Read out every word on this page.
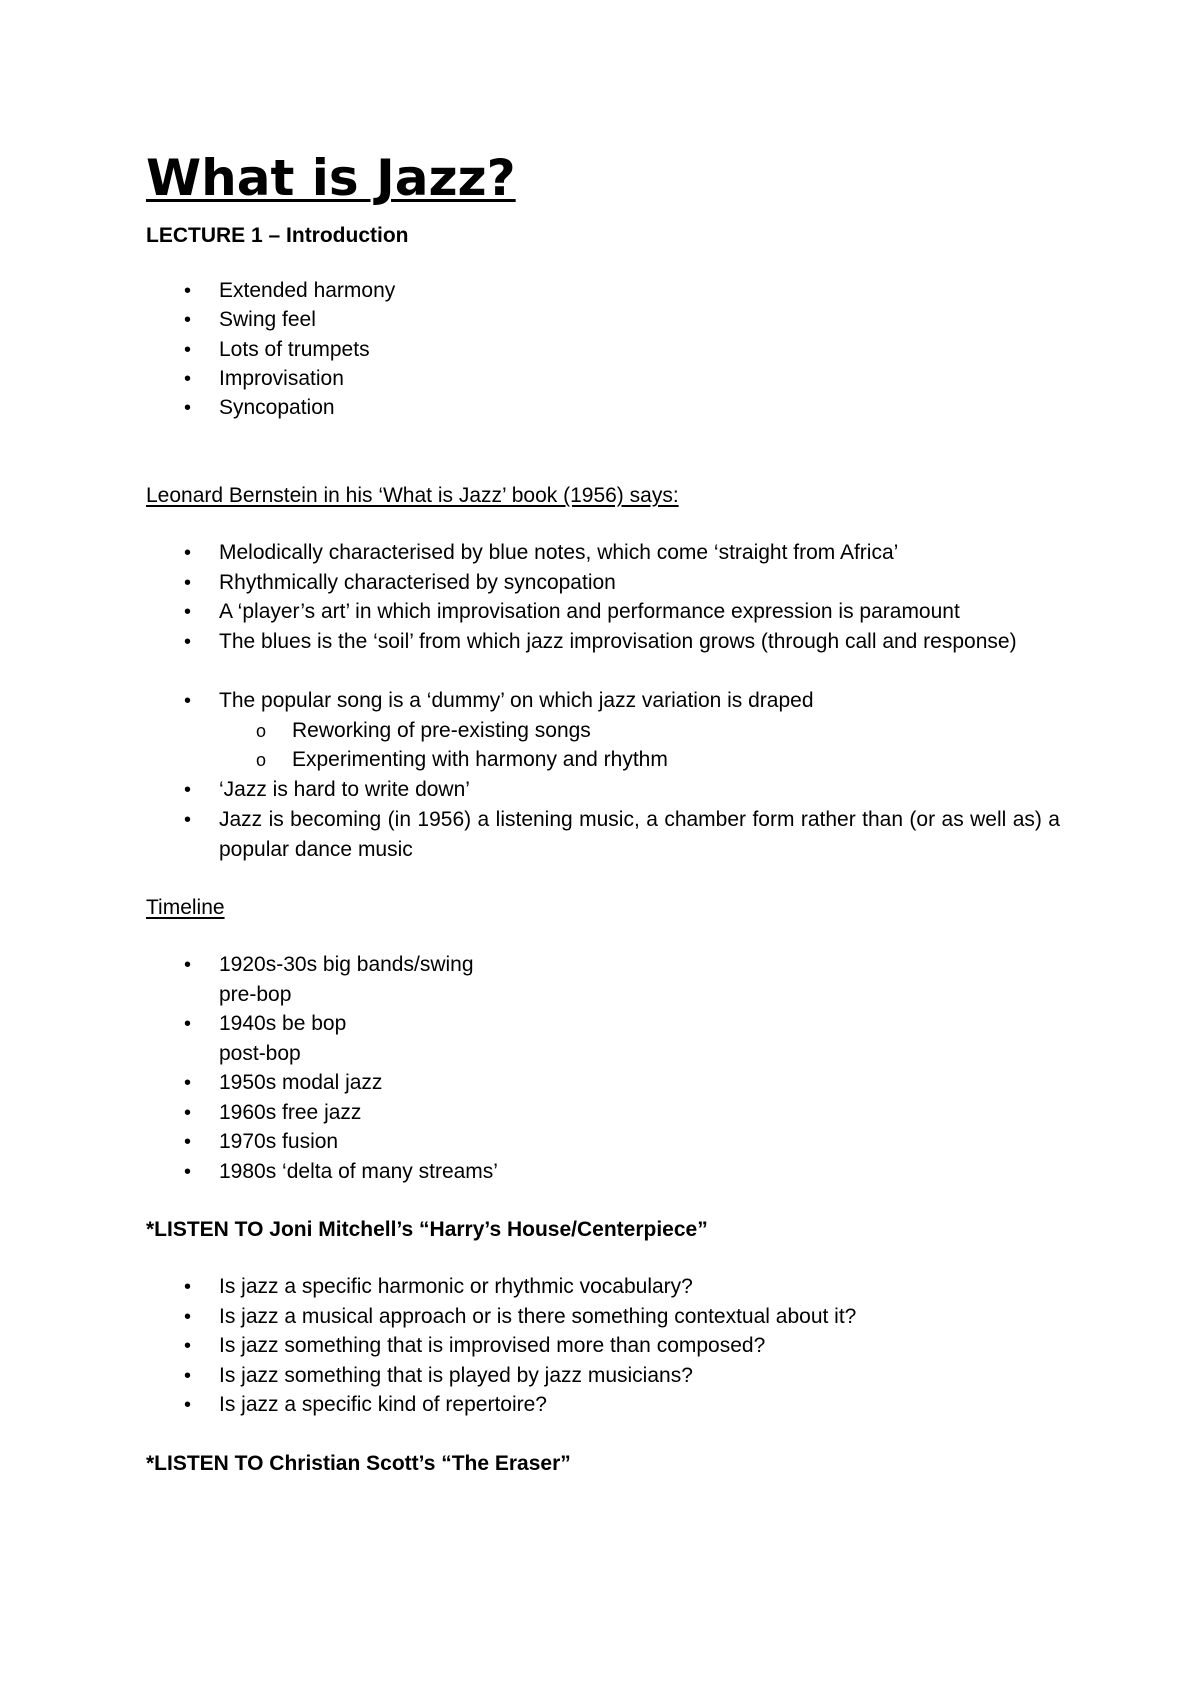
What is Jazz?
LECTURE 1 – Introduction
•	Extended harmony
•	Swing feel
•	Lots of trumpets
•	Improvisation
•	Syncopation
Leonard Bernstein in his ‘What is Jazz’ book (1956) says:
•	Melodically characterised by blue notes, which come ‘straight from Africa’
•	Rhythmically characterised by syncopation
•	A ‘player’s art’ in which improvisation and performance expression is paramount
•	The blues is the ‘soil’ from which jazz improvisation grows (through call and response)
•	The popular song is a ‘dummy’ on which jazz variation is draped
o Reworking of pre-existing songs
o Experimenting with harmony and rhythm
•	‘Jazz is hard to write down’
•	Jazz is becoming (in 1956) a listening music, a chamber form rather than (or as well as) a popular dance music
Timeline
•	1920s-30s big bands/swing
pre-bop
•	1940s be bop
post-bop
•	1950s modal jazz
•	1960s free jazz
•	1970s fusion
•	1980s ‘delta of many streams’
*LISTEN TO Joni Mitchell’s “Harry’s House/Centerpiece”
•	Is jazz a specific harmonic or rhythmic vocabulary?
•	Is jazz a musical approach or is there something contextual about it?
•	Is jazz something that is improvised more than composed?
•	Is jazz something that is played by jazz musicians?
•	Is jazz a specific kind of repertoire?
*LISTEN TO Christian Scott’s “The Eraser”
